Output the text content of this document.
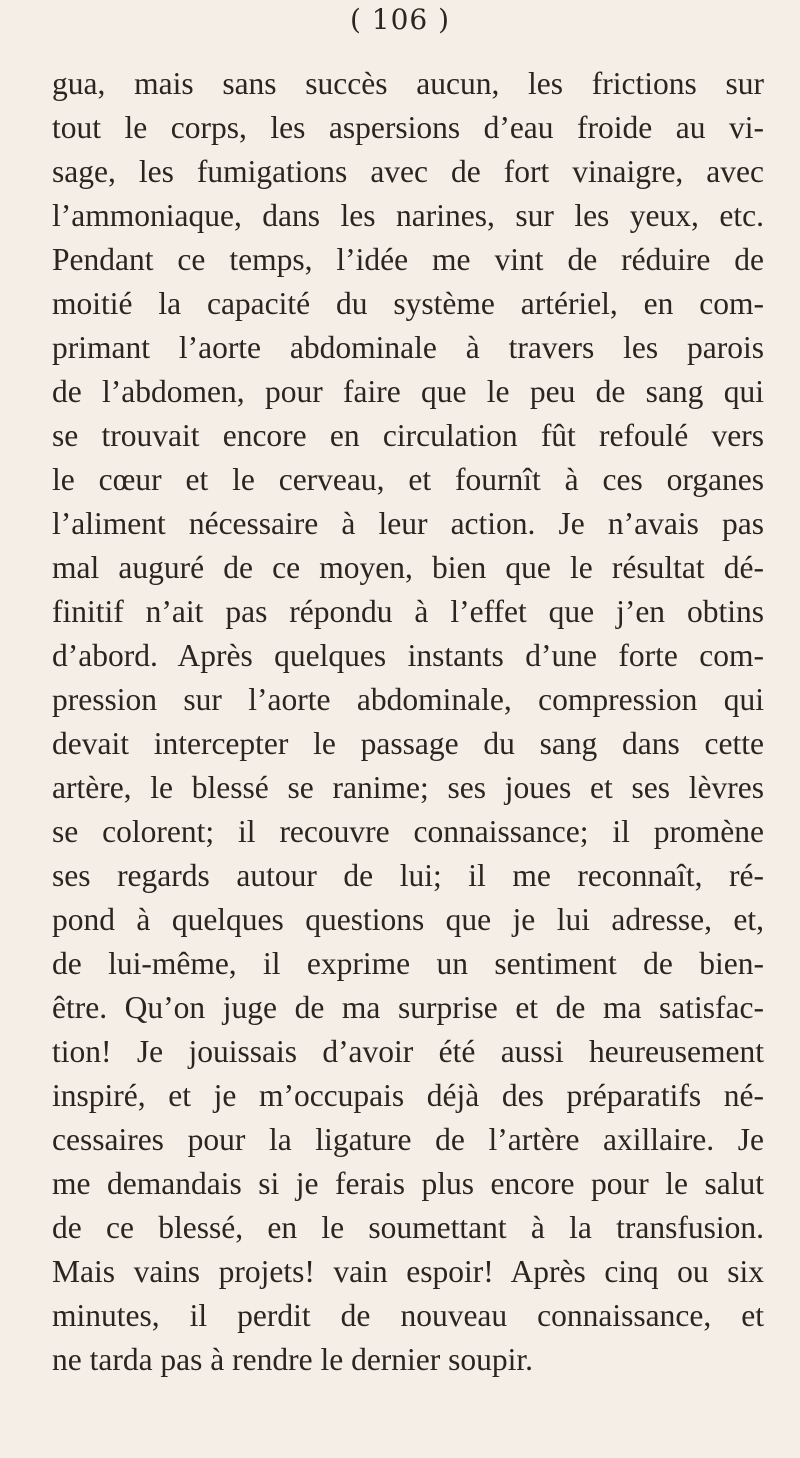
( 106 )
gua, mais sans succès aucun, les frictions sur
tout le corps, les aspersions d’eau froide au vi-
sage, les fumigations avec de fort vinaigre, avec
l’ammoniaque, dans les narines, sur les yeux, etc.
Pendant ce temps, l’idée me vint de réduire de
moitié la capacité du système artériel, en com-
primant l’aorte abdominale à travers les parois
de l’abdomen, pour faire que le peu de sang qui
se trouvait encore en circulation fût refoulé vers
le cœur et le cerveau, et fournît à ces organes
l’aliment nécessaire à leur action. Je n’avais pas
mal auguré de ce moyen, bien que le résultat dé-
finitif n’ait pas répondu à l’effet que j’en obtins
d’abord. Après quelques instants d’une forte com-
pression sur l’aorte abdominale, compression qui
devait intercepter le passage du sang dans cette
artère, le blessé se ranime; ses joues et ses lèvres
se colorent; il recouvre connaissance; il promène
ses regards autour de lui; il me reconnaît, ré-
pond à quelques questions que je lui adresse, et,
de lui-même, il exprime un sentiment de bien-
être. Qu’on juge de ma surprise et de ma satisfac-
tion! Je jouissais d’avoir été aussi heureusement
inspiré, et je m’occupais déjà des préparatifs né-
cessaires pour la ligature de l’artère axillaire. Je
me demandais si je ferais plus encore pour le salut
de ce blessé, en le soumettant à la transfusion.
Mais vains projets! vain espoir! Après cinq ou six
minutes, il perdit de nouveau connaissance, et
ne tarda pas à rendre le dernier soupir.
